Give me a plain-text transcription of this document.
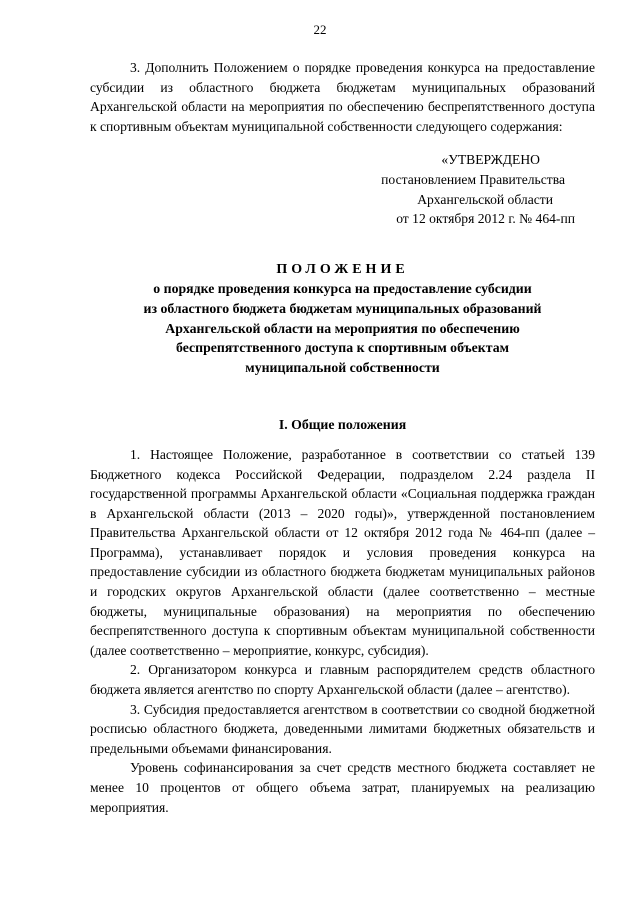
22

3. Дополнить Положением о порядке проведения конкурса на предоставление субсидии из областного бюджета бюджетам муниципальных образований Архангельской области на мероприятия по обеспечению беспрепятственного доступа к спортивным объектам муниципальной собственности следующего содержания:

«УТВЕРЖДЕНО
постановлением Правительства
Архангельской области
от 12 октября 2012 г. № 464-пп
ПОЛОЖЕНИЕ
о порядке проведения конкурса на предоставление субсидии
из областного бюджета бюджетам муниципальных образований
Архангельской области на мероприятия по обеспечению
беспрепятственного доступа к спортивным объектам
муниципальной собственности
I. Общие положения

1. Настоящее Положение, разработанное в соответствии со статьей 139 Бюджетного кодекса Российской Федерации, подразделом 2.24 раздела II государственной программы Архангельской области «Социальная поддержка граждан в Архангельской области (2013 – 2020 годы)», утвержденной постановлением Правительства Архангельской области от 12 октября 2012 года № 464-пп (далее – Программа), устанавливает порядок и условия проведения конкурса на предоставление субсидии из областного бюджета бюджетам муниципальных районов и городских округов Архангельской области (далее соответственно – местные бюджеты, муниципальные образования) на мероприятия по обеспечению беспрепятственного доступа к спортивным объектам муниципальной собственности (далее соответственно – мероприятие, конкурс, субсидия).

2. Организатором конкурса и главным распорядителем средств областного бюджета является агентство по спорту Архангельской области (далее – агентство).

3. Субсидия предоставляется агентством в соответствии со сводной бюджетной росписью областного бюджета, доведенными лимитами бюджетных обязательств и предельными объемами финансирования.

Уровень софинансирования за счет средств местного бюджета составляет не менее 10 процентов от общего объема затрат, планируемых на реализацию мероприятия.
